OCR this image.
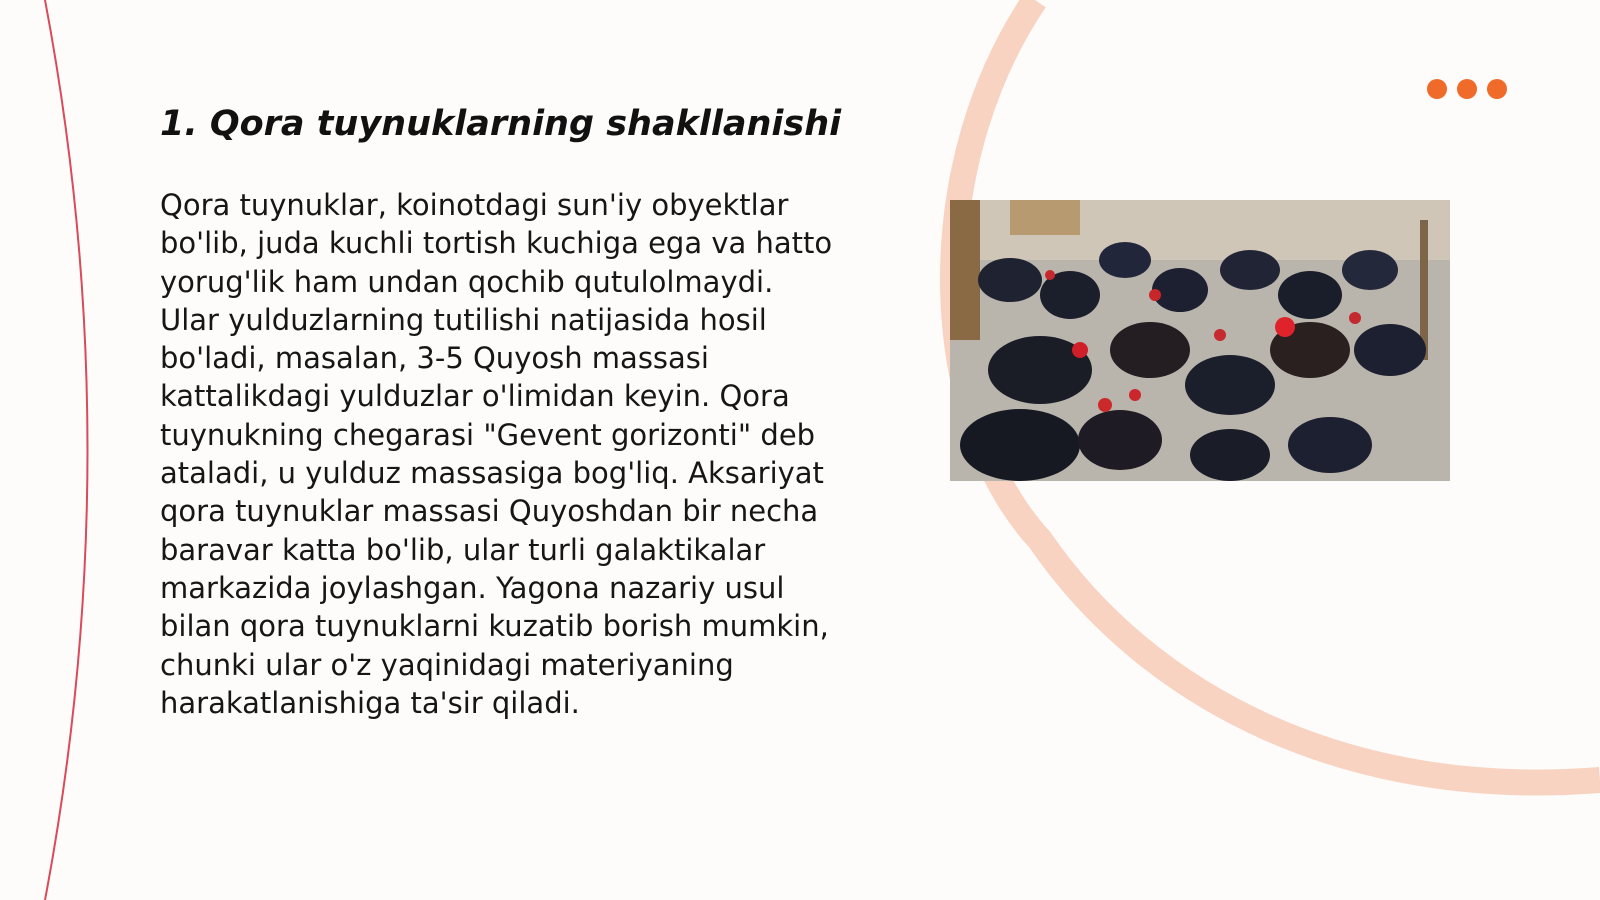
1. Qora tuynuklarning shakllanishi

Qora tuynuklar, koinotdagi sun'iy obyektlar bo'lib, juda kuchli tortish kuchiga ega va hatto yorug'lik ham undan qochib qutulolmaydi. Ular yulduzlarning tutilishi natijasida hosil bo'ladi, masalan, 3-5 Quyosh massasi kattalikdagi yulduzlar o'limidan keyin. Qora tuynukning chegarasi "Gevent gorizonti" deb ataladi, u yulduz massasiga bog'liq. Aksariyat qora tuynuklar massasi Quyoshdan bir necha baravar katta bo'lib, ular turli galaktikalar markazida joylashgan. Yagona nazariy usul bilan qora tuynuklarni kuzatib borish mumkin, chunki ular o'z yaqinidagi materiyaning harakatlanishiga ta'sir qiladi.
